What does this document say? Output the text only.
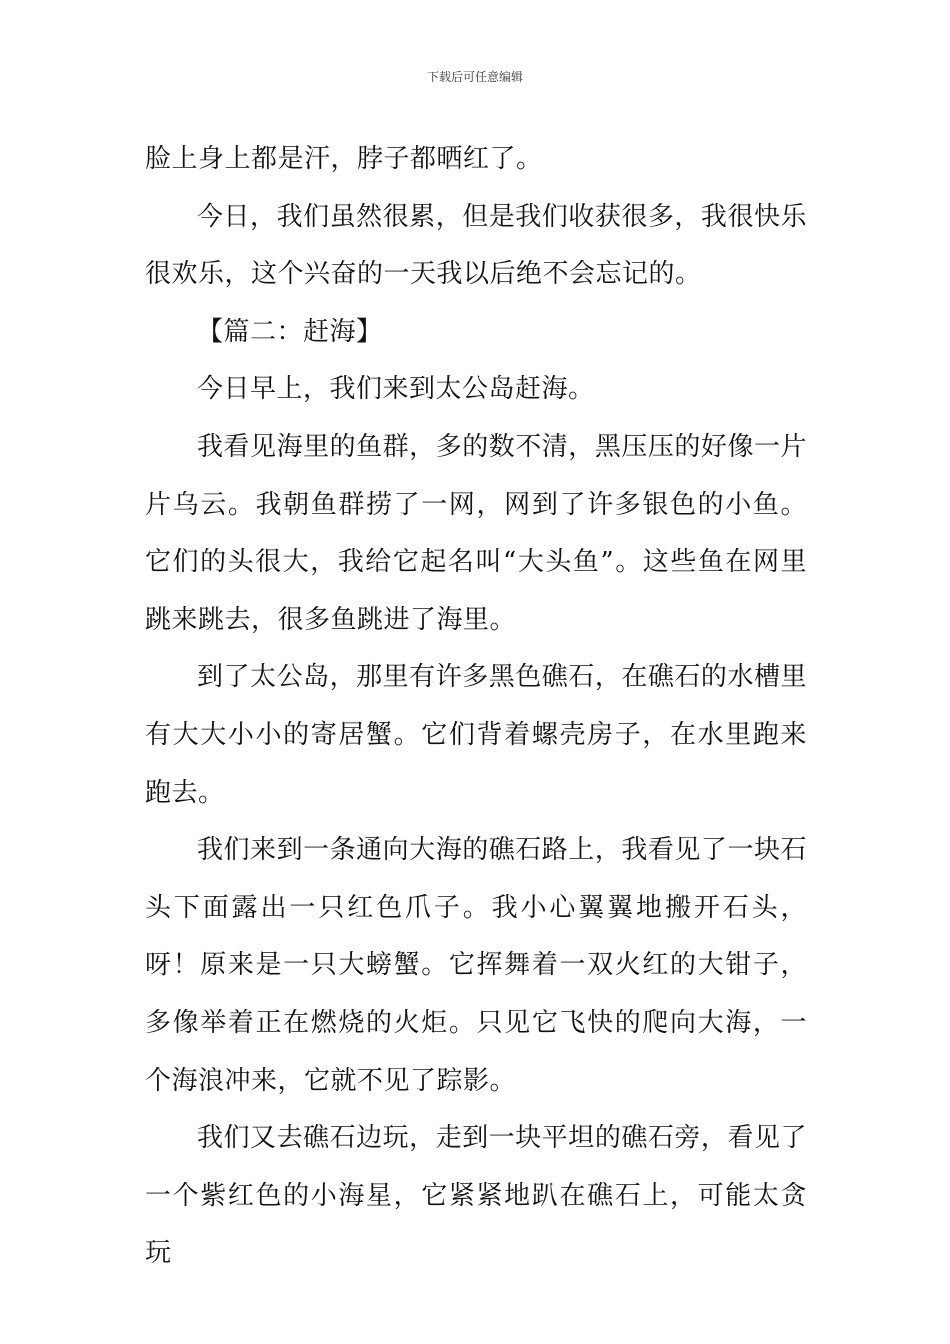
下载后可任意编辑

脸上身上都是汗，脖子都晒红了。

今日，我们虽然很累，但是我们收获很多，我很快乐很欢乐，这个兴奋的一天我以后绝不会忘记的。

【篇二：赶海】

今日早上，我们来到太公岛赶海。

我看见海里的鱼群，多的数不清，黑压压的好像一片片乌云。我朝鱼群捞了一网，网到了许多银色的小鱼。它们的头很大，我给它起名叫“大头鱼”。这些鱼在网里跳来跳去，很多鱼跳进了海里。

到了太公岛，那里有许多黑色礁石，在礁石的水槽里有大大小小的寄居蟹。它们背着螺壳房子，在水里跑来跑去。

我们来到一条通向大海的礁石路上，我看见了一块石头下面露出一只红色爪子。我小心翼翼地搬开石头，呀！原来是一只大螃蟹。它挥舞着一双火红的大钳子，多像举着正在燃烧的火炬。只见它飞快的爬向大海，一个海浪冲来，它就不见了踪影。

我们又去礁石边玩，走到一块平坦的礁石旁，看见了一个紫红色的小海星，它紧紧地趴在礁石上，可能太贪玩
